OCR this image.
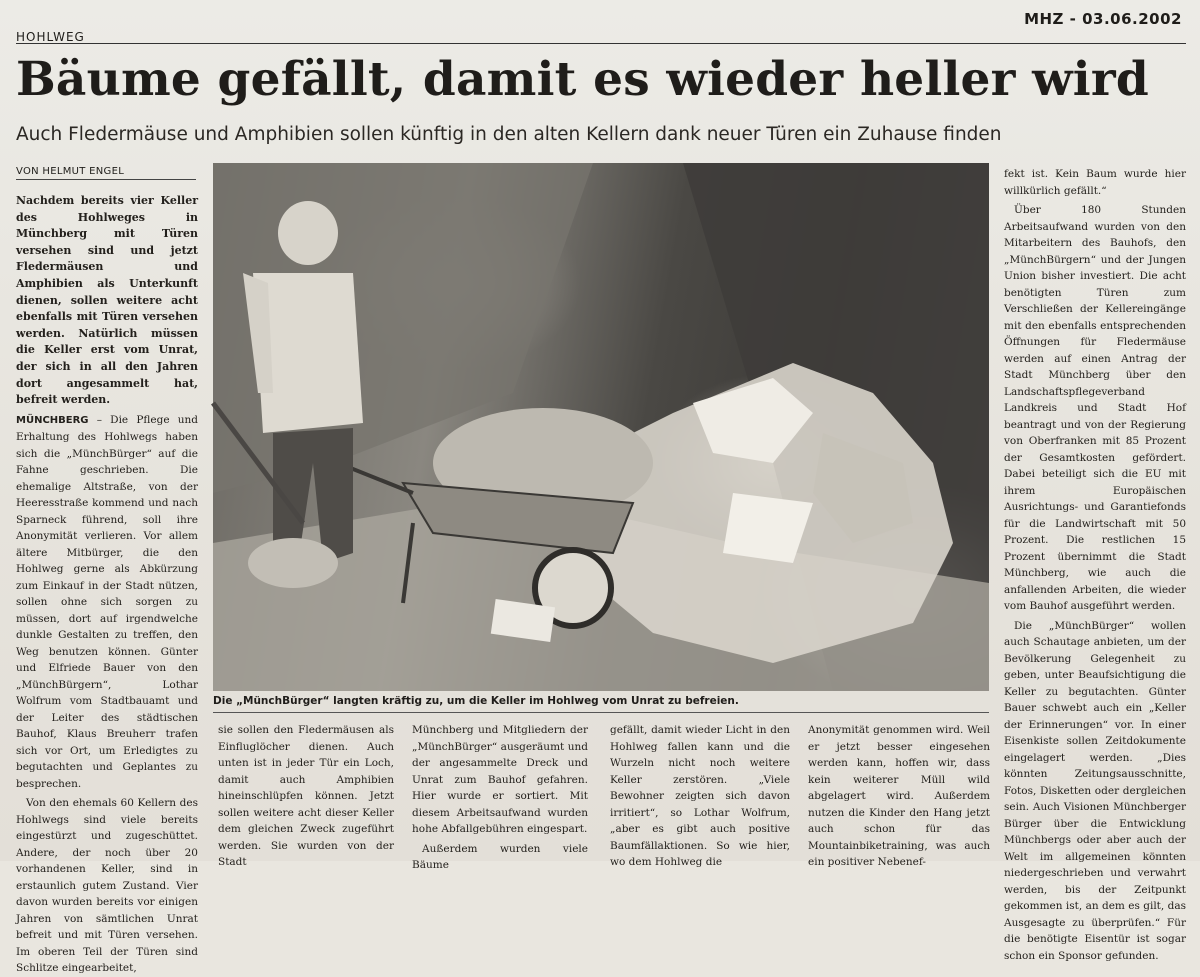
MHZ - 03.06.2002
HOHLWEG
Bäume gefällt, damit es wieder heller wird
Auch Fledermäuse und Amphibien sollen künftig in den alten Kellern dank neuer Türen ein Zuhause finden
VON HELMUT ENGEL

Nachdem bereits vier Keller des Hohlweges in Münchberg mit Türen versehen sind und jetzt Fledermäusen und Amphibien als Unterkunft dienen, sollen weitere acht ebenfalls mit Türen versehen werden. Natürlich müssen die Keller erst vom Unrat, der sich in all den Jahren dort angesammelt hat, befreit werden.

MÜNCHBERG – Die Pflege und Erhaltung des Hohlwegs haben sich die „MünchBürger“ auf die Fahne geschrieben. Die ehemalige Altstraße, von der Heeresstraße kommend und nach Sparneck führend, soll ihre Anonymität verlieren. Vor allem ältere Mitbürger, die den Hohlweg gerne als Abkürzung zum Einkauf in der Stadt nützen, sollen ohne sich sorgen zu müssen, dort auf irgendwelche dunkle Gestalten zu treffen, den Weg benutzen können. Günter und Elfriede Bauer von den „MünchBürgern“, Lothar Wolfrum vom Stadtbauamt und der Leiter des städtischen Bauhof, Klaus Breuherr trafen sich vor Ort, um Erledigtes zu begutachten und Geplantes zu besprechen.

Von den ehemals 60 Kellern des Hohlwegs sind viele bereits eingestürzt und zugeschüttet. Andere, der noch über 20 vorhandenen Keller, sind in erstaunlich gutem Zustand. Vier davon wurden bereits vor einigen Jahren von sämtlichen Unrat befreit und mit Türen versehen. Im oberen Teil der Türen sind Schlitze eingearbeitet,

Die „MünchBürger“ langten kräftig zu, um die Keller im Hohlweg vom Unrat zu befreien.

sie sollen den Fledermäusen als Einfluglöcher dienen. Auch unten ist in jeder Tür ein Loch, damit auch Amphibien hineinschlüpfen können. Jetzt sollen weitere acht dieser Keller dem gleichen Zweck zugeführt werden. Sie wurden von der Stadt

Münchberg und Mitgliedern der „MünchBürger“ ausgeräumt und der angesammelte Dreck und Unrat zum Bauhof gefahren. Hier wurde er sortiert. Mit diesem Arbeitsaufwand wurden hohe Abfallgebühren eingespart.

Außerdem wurden viele Bäume

gefällt, damit wieder Licht in den Hohlweg fallen kann und die Wurzeln nicht noch weitere Keller zerstören. „Viele Bewohner zeigten sich davon irritiert“, so Lothar Wolfrum, „aber es gibt auch positive Baumfällaktionen. So wie hier, wo dem Hohlweg die

Anonymität genommen wird. Weil er jetzt besser eingesehen werden kann, hoffen wir, dass kein weiterer Müll wild abgelagert wird. Außerdem nutzen die Kinder den Hang jetzt auch schon für das Mountainbiketraining, was auch ein positiver Nebenef-

fekt ist. Kein Baum wurde hier willkürlich gefällt.“

Über 180 Stunden Arbeitsaufwand wurden von den Mitarbeitern des Bauhofs, den „MünchBürgern“ und der Jungen Union bisher investiert. Die acht benötigten Türen zum Verschließen der Kellereingänge mit den ebenfalls entsprechenden Öffnungen für Fledermäuse werden auf einen Antrag der Stadt Münchberg über den Landschaftspflegeverband Landkreis und Stadt Hof beantragt und von der Regierung von Oberfranken mit 85 Prozent der Gesamtkosten gefördert. Dabei beteiligt sich die EU mit ihrem Europäischen Ausrichtungs- und Garantiefonds für die Landwirtschaft mit 50 Prozent. Die restlichen 15 Prozent übernimmt die Stadt Münchberg, wie auch die anfallenden Arbeiten, die wieder vom Bauhof ausgeführt werden.

Die „MünchBürger“ wollen auch Schautage anbieten, um der Bevölkerung Gelegenheit zu geben, unter Beaufsichtigung die Keller zu begutachten. Günter Bauer schwebt auch ein „Keller der Erinnerungen“ vor. In einer Eisenkiste sollen Zeitdokumente eingelagert werden. „Dies könnten Zeitungsausschnitte, Fotos, Disketten oder dergleichen sein. Auch Visionen Münchberger Bürger über die Entwicklung Münchbergs oder aber auch der Welt im allgemeinen könnten niedergeschrieben und verwahrt werden, bis der Zeitpunkt gekommen ist, an dem es gilt, das Ausgesagte zu überprüfen.“ Für die benötigte Eisentür ist sogar schon ein Sponsor gefunden.
